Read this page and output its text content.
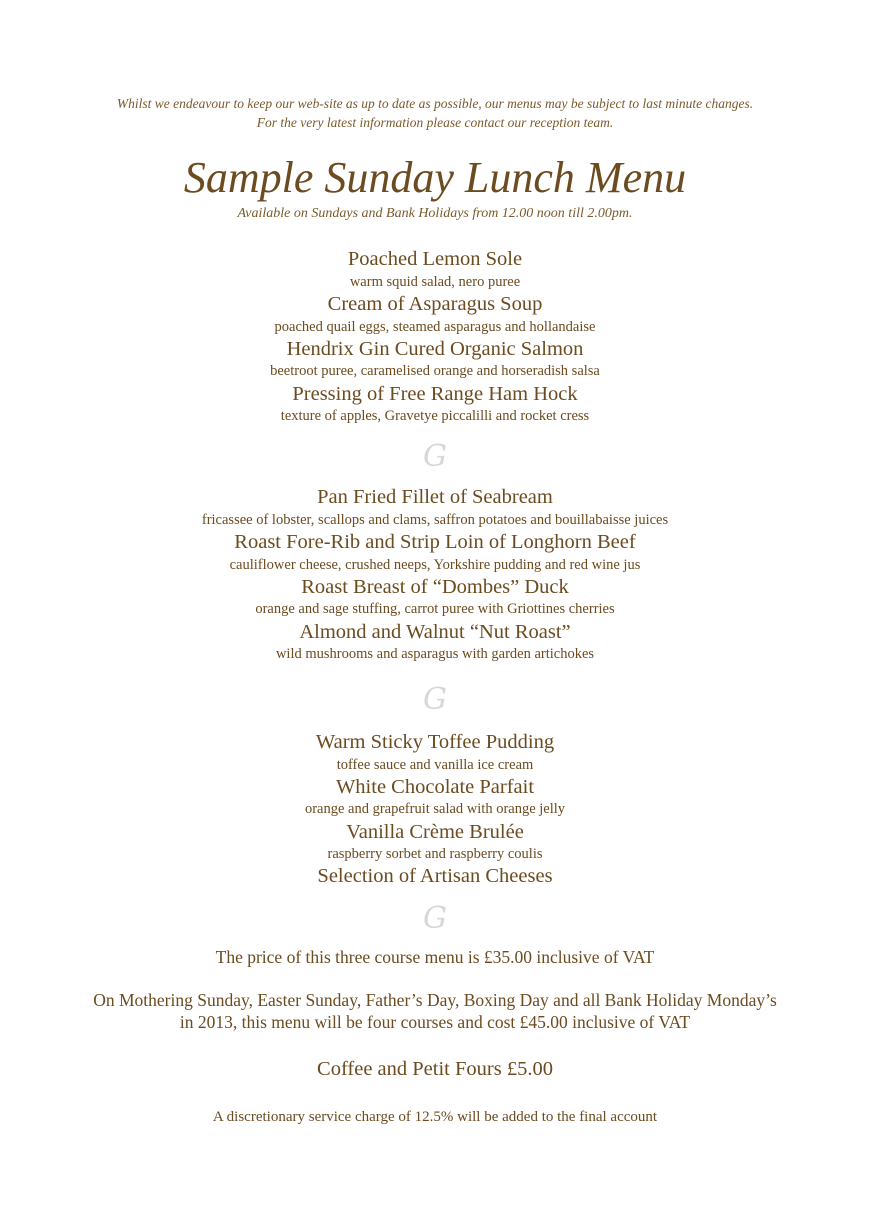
Whilst we endeavour to keep our web-site as up to date as possible, our menus may be subject to last minute changes.
For the very latest information please contact our reception team.
Sample Sunday Lunch Menu
Available on Sundays and Bank Holidays from 12.00 noon till 2.00pm.
Poached Lemon Sole
warm squid salad, nero puree
Cream of Asparagus Soup
poached quail eggs, steamed asparagus and hollandaise
Hendrix Gin Cured Organic Salmon
beetroot puree, caramelised orange and horseradish salsa
Pressing of Free Range Ham Hock
texture of apples, Gravetye piccalilli and rocket cress
G
Pan Fried Fillet of Seabream
fricassee of lobster, scallops and clams, saffron potatoes and bouillabaisse juices
Roast Fore-Rib and Strip Loin of Longhorn Beef
cauliflower cheese, crushed neeps, Yorkshire pudding and red wine jus
Roast Breast of “Dombes” Duck
orange and sage stuffing, carrot puree with Griottines cherries
Almond and Walnut “Nut Roast”
wild mushrooms and asparagus with garden artichokes
G
Warm Sticky Toffee Pudding
toffee sauce and vanilla ice cream
White Chocolate Parfait
orange and grapefruit salad with orange jelly
Vanilla Crème Brulée
raspberry sorbet and raspberry coulis
Selection of Artisan Cheeses
G
The price of this three course menu is £35.00 inclusive of VAT
On Mothering Sunday, Easter Sunday, Father’s Day, Boxing Day and all Bank Holiday Monday’s
in 2013, this menu will be four courses and cost £45.00 inclusive of VAT
Coffee and Petit Fours £5.00
A discretionary service charge of 12.5% will be added to the final account
